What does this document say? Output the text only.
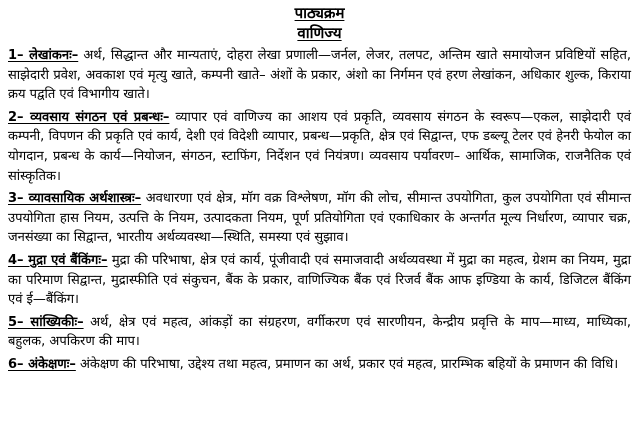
पाठ्यक्रम
वाणिज्य

1– लेखांकनः– अर्थ, सिद्धान्त और मान्यताएं, दोहरा लेखा प्रणाली—जर्नल, लेजर, तलपट, अन्तिम खाते समायोजन प्रविष्टियों सहित, साझेदारी प्रवेश, अवकाश एवं मृत्यु खाते, कम्पनी खाते– अंशों के प्रकार, अंशो का निर्गमन एवं हरण लेखांकन, अधिकार शुल्क, किराया क्रय पद्वति एवं विभागीय खाते।

2– व्यवसाय संगठन एवं प्रबन्धः– व्यापार एवं वाणिज्य का आशय एवं प्रकृति, व्यवसाय संगठन के स्वरूप—एकल, साझेदारी एवं कम्पनी, विपणन की प्रकृति एवं कार्य, देशी एवं विदेशी व्यापार, प्रबन्ध—प्रकृति, क्षेत्र एवं सिद्वान्त, एफ डब्ल्यू टेलर एवं हेनरी फेयोल का योगदान, प्रबन्ध के कार्य—नियोजन, संगठन, स्टाफिंग, निर्देशन एवं नियंत्रण। व्यवसाय पर्यावरण– आर्थिक, सामाजिक, राजनैतिक एवं सांस्कृतिक।

3– व्यावसायिक अर्थशास्त्रः– अवधारणा एवं क्षेत्र, मॉग वक्र विश्लेषण, मॉग की लोच, सीमान्त उपयोगिता, कुल उपयोगिता एवं सीमान्त उपयोगिता हास नियम, उत्पत्ति के नियम, उत्पादकता नियम, पूर्ण प्रतियोगिता एवं एकाधिकार के अन्तर्गत मूल्य निर्धारण, व्यापार चक्र, जनसंख्या का सिद्वान्त, भारतीय अर्थव्यवस्था—स्थिति, समस्या एवं सुझाव।

4– मुद्रा एवं बैंकिंगः– मुद्रा की परिभाषा, क्षेत्र एवं कार्य, पूंजीवादी एवं समाजवादी अर्थव्यवस्था में मुद्रा का महत्व, ग्रेशम का नियम, मुद्रा का परिमाण सिद्वान्त, मुद्रास्फीति एवं संकुचन, बैंक के प्रकार, वाणिज्यिक बैंक एवं रिजर्व बैंक आफ इण्डिया के कार्य, डिजिटल बैंकिंग एवं ई—बैंकिंग।

5– सांख्यिकीः– अर्थ, क्षेत्र एवं महत्व, आंकड़ों का संग्रहरण, वर्गीकरण एवं सारणीयन, केन्द्रीय प्रवृत्ति के माप—माध्य, माध्यिका, बहुलक, अपकिरण की माप।

6– अंकेक्षणः– अंकेक्षण की परिभाषा, उद्देश्य तथा महत्व, प्रमाणन का अर्थ, प्रकार एवं महत्व, प्रारम्भिक बहियों के प्रमाणन की विधि।
